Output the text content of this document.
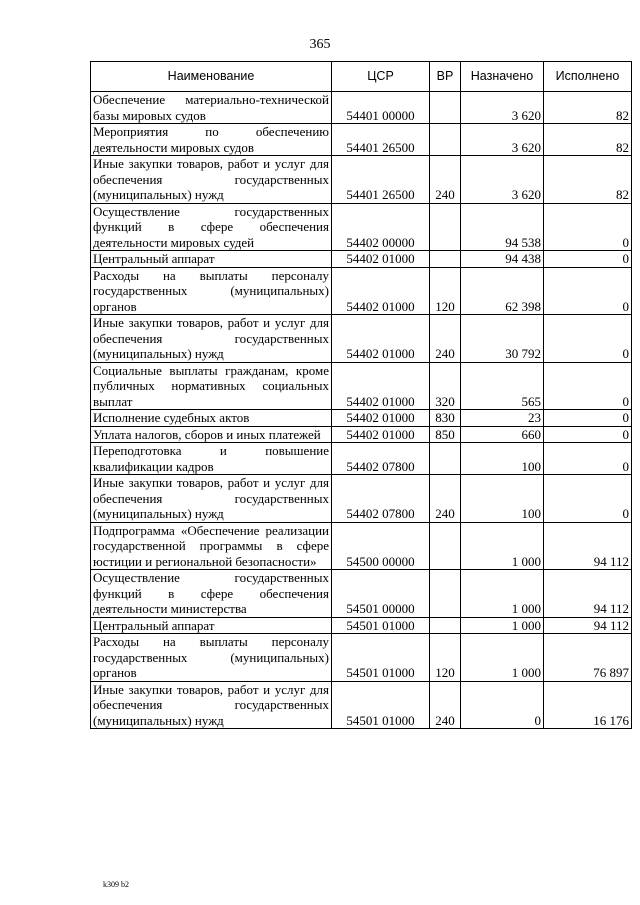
365
Наименование	ЦСР	ВР	Назначено	Исполнено
Обеспечение материально-технической базы мировых судов	54401 00000		3 620	82
Мероприятия по обеспечению деятельности мировых судов	54401 26500		3 620	82
Иные закупки товаров, работ и услуг для обеспечения государственных (муниципальных) нужд	54401 26500	240	3 620	82
Осуществление государственных функций в сфере обеспечения деятельности мировых судей	54402 00000		94 538	0
Центральный аппарат	54402 01000		94 438	0
Расходы на выплаты персоналу государственных (муниципальных) органов	54402 01000	120	62 398	0
Иные закупки товаров, работ и услуг для обеспечения государственных (муниципальных) нужд	54402 01000	240	30 792	0
Социальные выплаты гражданам, кроме публичных нормативных социальных выплат	54402 01000	320	565	0
Исполнение судебных актов	54402 01000	830	23	0
Уплата налогов, сборов и иных платежей	54402 01000	850	660	0
Переподготовка и повышение квалификации кадров	54402 07800		100	0
Иные закупки товаров, работ и услуг для обеспечения государственных (муниципальных) нужд	54402 07800	240	100	0
Подпрограмма «Обеспечение реализации государственной программы в сфере юстиции и региональной безопасности»	54500 00000		1 000	94 112
Осуществление государственных функций в сфере обеспечения деятельности министерства	54501 00000		1 000	94 112
Центральный аппарат	54501 01000		1 000	94 112
Расходы на выплаты персоналу государственных (муниципальных) органов	54501 01000	120	1 000	76 897
Иные закупки товаров, работ и услуг для обеспечения государственных (муниципальных) нужд	54501 01000	240	0	16 176
k309 b2
